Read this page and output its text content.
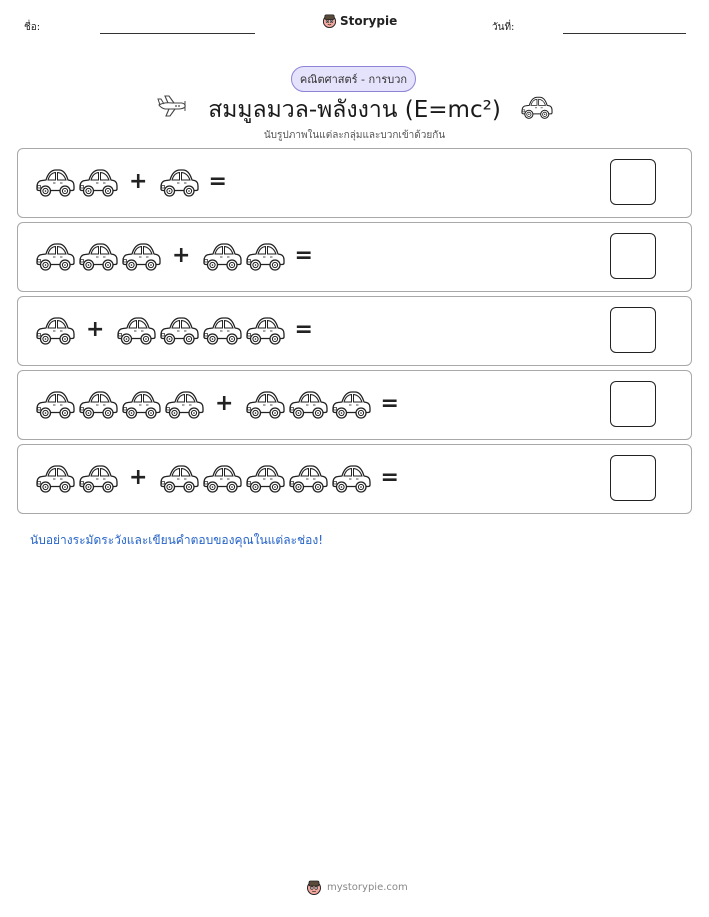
ชื่อ:	Storypie	วันที่:
คณิตศาสตร์ - การบวก
สมมูลมวล-พลังงาน (E=mc²)
นับรูปภาพในแต่ละกลุ่มและบวกเข้าด้วยกัน
+	=
+	=
+	=
+	=
+	=
นับอย่างระมัดระวังและเขียนคำตอบของคุณในแต่ละช่อง!
mystorypie.com
